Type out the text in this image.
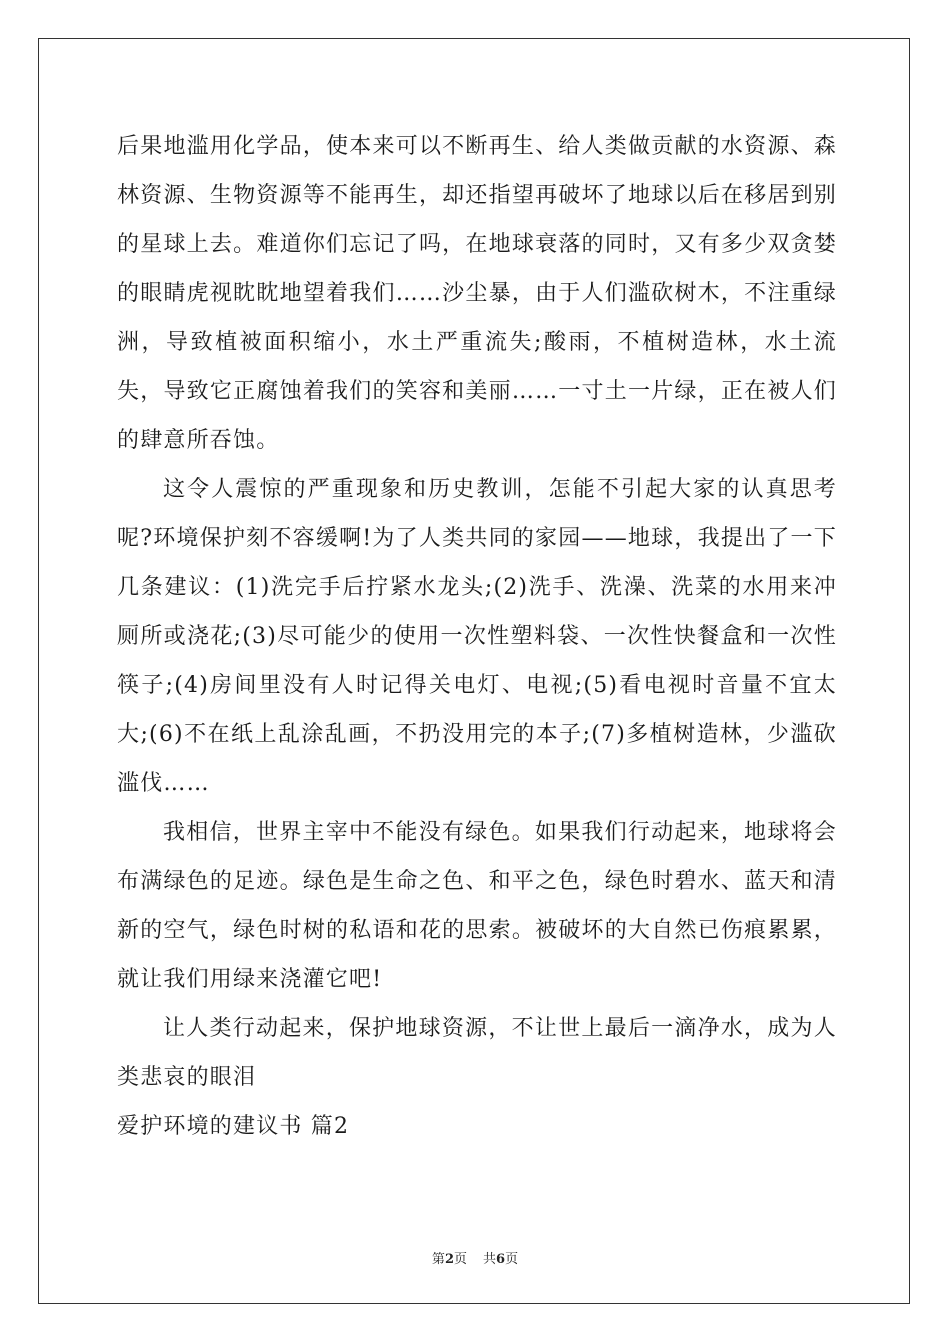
后果地滥用化学品，使本来可以不断再生、给人类做贡献的水资源、森林资源、生物资源等不能再生，却还指望再破坏了地球以后在移居到别的星球上去。难道你们忘记了吗，在地球衰落的同时，又有多少双贪婪的眼睛虎视眈眈地望着我们……沙尘暴，由于人们滥砍树木，不注重绿洲，导致植被面积缩小，水土严重流失;酸雨，不植树造林，水土流失，导致它正腐蚀着我们的笑容和美丽……一寸土一片绿，正在被人们的肆意所吞蚀。

这令人震惊的严重现象和历史教训，怎能不引起大家的认真思考呢?环境保护刻不容缓啊!为了人类共同的家园——地球，我提出了一下几条建议：(1)洗完手后拧紧水龙头;(2)洗手、洗澡、洗菜的水用来冲厕所或浇花;(3)尽可能少的使用一次性塑料袋、一次性快餐盒和一次性筷子;(4)房间里没有人时记得关电灯、电视;(5)看电视时音量不宜太大;(6)不在纸上乱涂乱画，不扔没用完的本子;(7)多植树造林，少滥砍滥伐……

我相信，世界主宰中不能没有绿色。如果我们行动起来，地球将会布满绿色的足迹。绿色是生命之色、和平之色，绿色时碧水、蓝天和清新的空气，绿色时树的私语和花的思索。被破坏的大自然已伤痕累累，就让我们用绿来浇灌它吧!

让人类行动起来，保护地球资源，不让世上最后一滴净水，成为人类悲哀的眼泪

爱护环境的建议书 篇2

第2页 共6页
